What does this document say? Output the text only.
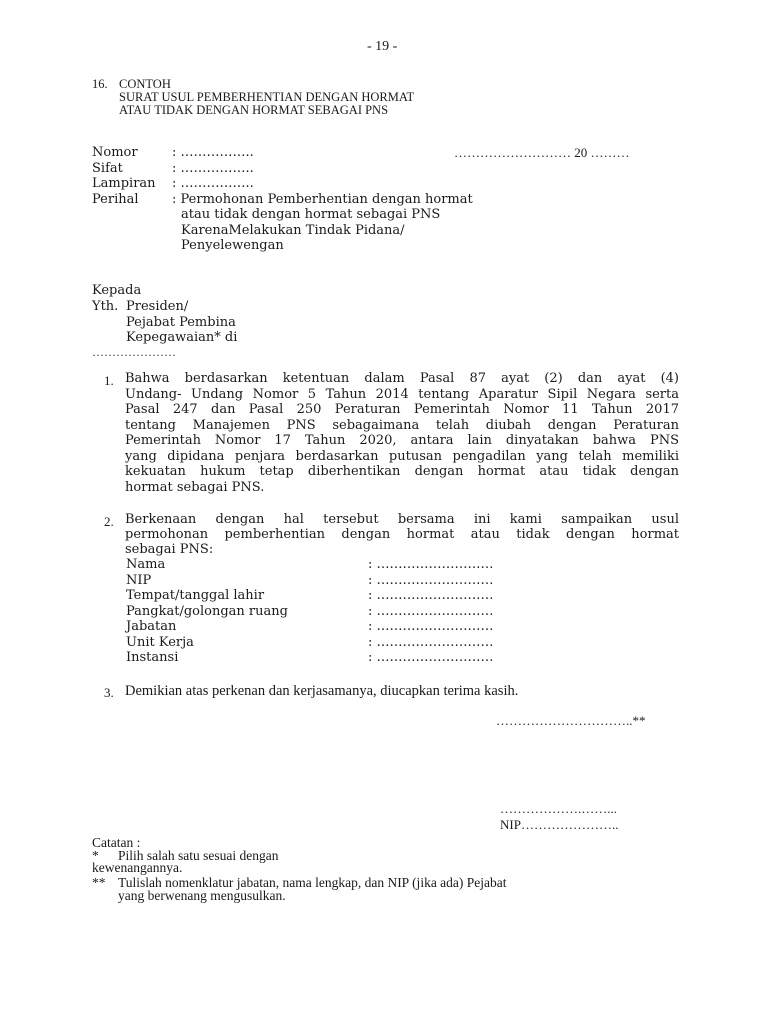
- 19 -
16. CONTOH
SURAT USUL PEMBERHENTIAN DENGAN HORMAT
ATAU TIDAK DENGAN HORMAT SEBAGAI PNS
Nomor	: ……………..	……………………… 20 ………
Sifat	: ……………..
Lampiran : ……………..
Perihal	: Permohonan Pemberhentian dengan hormat
atau tidak dengan hormat sebagai PNS
KarenaMelakukan Tindak Pidana/
Penyelewengan
Kepada
Yth. Presiden/
Pejabat Pembina
Kepegawaian* di
…………………
1. Bahwa berdasarkan ketentuan dalam Pasal 87 ayat (2) dan ayat (4)
Undang- Undang Nomor 5 Tahun 2014 tentang Aparatur Sipil Negara serta
Pasal 247 dan Pasal 250 Peraturan Pemerintah Nomor 11 Tahun 2017
tentang Manajemen PNS sebagaimana telah diubah dengan Peraturan
Pemerintah Nomor 17 Tahun 2020, antara lain dinyatakan bahwa PNS
yang dipidana penjara berdasarkan putusan pengadilan yang telah memiliki
kekuatan hukum tetap diberhentikan dengan hormat atau tidak dengan
hormat sebagai PNS.
2. Berkenaan dengan hal tersebut bersama ini kami sampaikan usul
permohonan pemberhentian dengan hormat atau tidak dengan hormat
sebagai PNS:
Nama	: ………………………
NIP	: ………………………
Tempat/tanggal lahir	: ………………………
Pangkat/golongan ruang	: ………………………
Jabatan	: ………………………
Unit Kerja	: ………………………
Instansi	: ………………………
3. Demikian atas perkenan dan kerjasamanya, diucapkan terima kasih.
…………………………..**
……………….……...
NIP…………………..
Catatan :
* Pilih salah satu sesuai dengan
kewenangannya.
** Tulislah nomenklatur jabatan, nama lengkap, dan NIP (jika ada) Pejabat
yang berwenang mengusulkan.
